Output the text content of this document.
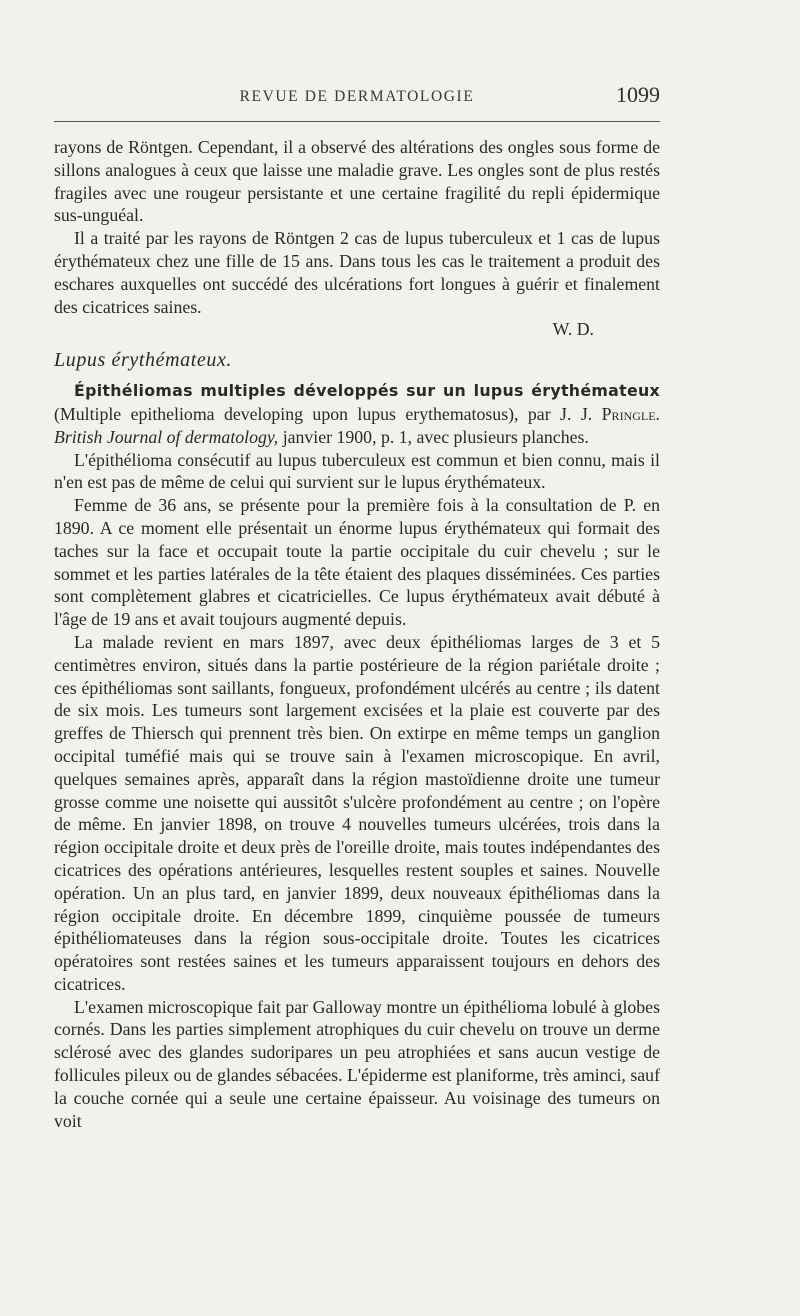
REVUE DE DERMATOLOGIE	1099

rayons de Röntgen. Cependant, il a observé des altérations des ongles sous forme de sillons analogues à ceux que laisse une maladie grave. Les ongles sont de plus restés fragiles avec une rougeur persistante et une certaine fragilité du repli épidermique sus-unguéal.

Il a traité par les rayons de Röntgen 2 cas de lupus tuberculeux et 1 cas de lupus érythémateux chez une fille de 15 ans. Dans tous les cas le traitement a produit des eschares auxquelles ont succédé des ulcérations fort longues à guérir et finalement des cicatrices saines.

W. D.

Lupus érythémateux.

Épithéliomas multiples développés sur un lupus érythémateux (Multiple epithelioma developing upon lupus erythematosus), par J. J. Pringle. British Journal of dermatology, janvier 1900, p. 1, avec plusieurs planches.

L'épithélioma consécutif au lupus tuberculeux est commun et bien connu, mais il n'en est pas de même de celui qui survient sur le lupus érythémateux.

Femme de 36 ans, se présente pour la première fois à la consultation de P. en 1890. A ce moment elle présentait un énorme lupus érythémateux qui formait des taches sur la face et occupait toute la partie occipitale du cuir chevelu ; sur le sommet et les parties latérales de la tête étaient des plaques disséminées. Ces parties sont complètement glabres et cicatricielles. Ce lupus érythémateux avait débuté à l'âge de 19 ans et avait toujours augmenté depuis.

La malade revient en mars 1897, avec deux épithéliomas larges de 3 et 5 centimètres environ, situés dans la partie postérieure de la région pariétale droite ; ces épithéliomas sont saillants, fongueux, profondément ulcérés au centre ; ils datent de six mois. Les tumeurs sont largement excisées et la plaie est couverte par des greffes de Thiersch qui prennent très bien. On extirpe en même temps un ganglion occipital tuméfié mais qui se trouve sain à l'examen microscopique. En avril, quelques semaines après, apparaît dans la région mastoïdienne droite une tumeur grosse comme une noisette qui aussitôt s'ulcère profondément au centre ; on l'opère de même. En janvier 1898, on trouve 4 nouvelles tumeurs ulcérées, trois dans la région occipitale droite et deux près de l'oreille droite, mais toutes indépendantes des cicatrices des opérations antérieures, lesquelles restent souples et saines. Nouvelle opération. Un an plus tard, en janvier 1899, deux nouveaux épithéliomas dans la région occipitale droite. En décembre 1899, cinquième poussée de tumeurs épithéliomateuses dans la région sous-occipitale droite. Toutes les cicatrices opératoires sont restées saines et les tumeurs apparaissent toujours en dehors des cicatrices.

L'examen microscopique fait par Galloway montre un épithélioma lobulé à globes cornés. Dans les parties simplement atrophiques du cuir chevelu on trouve un derme sclérosé avec des glandes sudoripares un peu atrophiées et sans aucun vestige de follicules pileux ou de glandes sébacées. L'épiderme est planiforme, très aminci, sauf la couche cornée qui a seule une certaine épaisseur. Au voisinage des tumeurs on voit
